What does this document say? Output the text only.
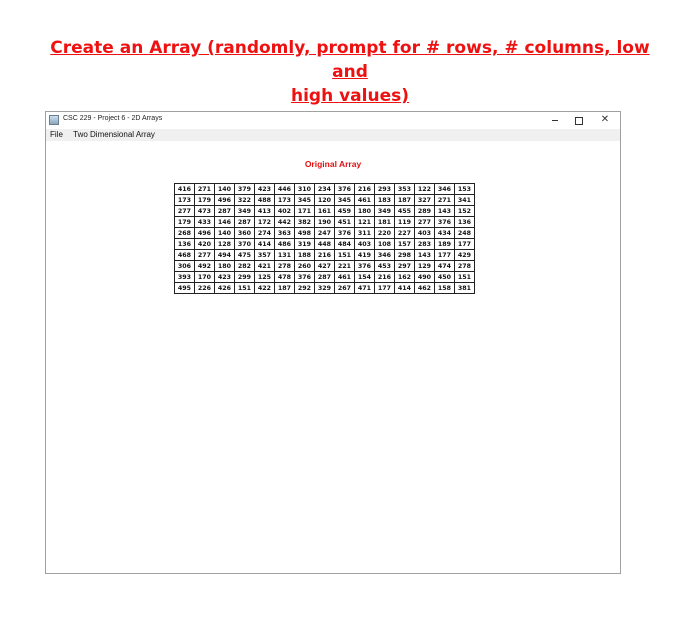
Create an Array (randomly, prompt for # rows, # columns, low and
high values)
CSC 229 - Project 6 - 2D Arrays	✕
File Two Dimensional Array
Original Array
416	271	140	379	423	446	310	234	376	216	293	353	122	346	153
173	179	496	322	488	173	345	120	345	461	183	187	327	271	341
277	473	287	349	413	402	171	161	459	180	349	455	289	143	152
179	433	146	287	172	442	382	190	451	121	181	119	277	376	136
268	496	140	360	274	363	498	247	376	311	220	227	403	434	248
136	420	128	370	414	486	319	448	484	403	108	157	283	189	177
468	277	494	475	357	131	188	216	151	419	346	298	143	177	429
306	492	180	282	421	278	260	427	221	376	453	297	129	474	278
393	170	423	299	125	478	376	287	461	154	216	162	490	450	151
495	226	426	151	422	187	292	329	267	471	177	414	462	158	381
